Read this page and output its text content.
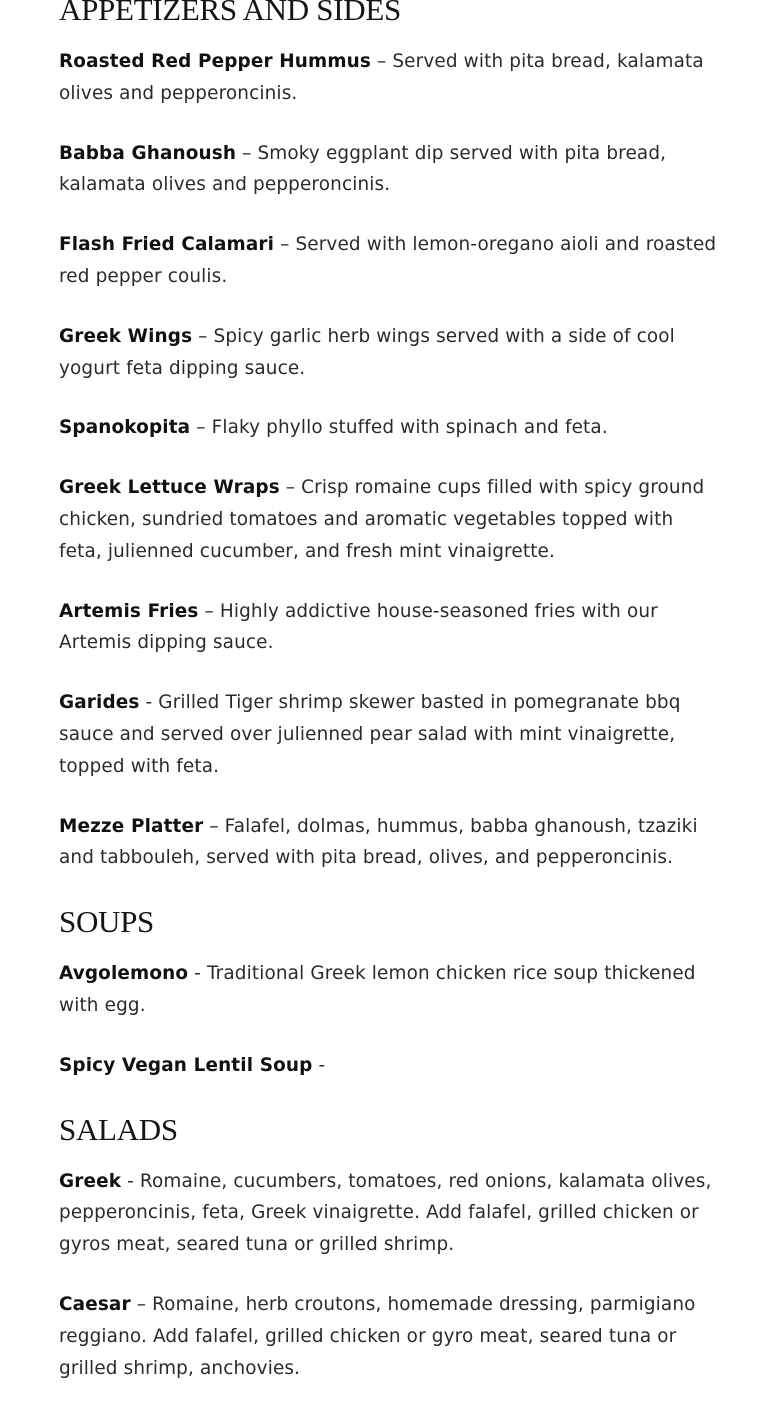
APPETIZERS AND SIDES

Roasted Red Pepper Hummus – Served with pita bread, kalamata olives and pepperoncinis.

Babba Ghanoush – Smoky eggplant dip served with pita bread, kalamata olives and pepperoncinis.

Flash Fried Calamari – Served with lemon-oregano aioli and roasted red pepper coulis.

Greek Wings – Spicy garlic herb wings served with a side of cool yogurt feta dipping sauce.

Spanokopita – Flaky phyllo stuffed with spinach and feta.

Greek Lettuce Wraps – Crisp romaine cups filled with spicy ground chicken, sundried tomatoes and aromatic vegetables topped with feta, julienned cucumber, and fresh mint vinaigrette.

Artemis Fries – Highly addictive house-seasoned fries with our Artemis dipping sauce.

Garides - Grilled Tiger shrimp skewer basted in pomegranate bbq sauce and served over julienned pear salad with mint vinaigrette, topped with feta.

Mezze Platter – Falafel, dolmas, hummus, babba ghanoush, tzaziki and tabbouleh, served with pita bread, olives, and pepperoncinis.

SOUPS

Avgolemono - Traditional Greek lemon chicken rice soup thickened with egg.

Spicy Vegan Lentil Soup -

SALADS

Greek - Romaine, cucumbers, tomatoes, red onions, kalamata olives, pepperoncinis, feta, Greek vinaigrette. Add falafel, grilled chicken or gyros meat, seared tuna or grilled shrimp.

Caesar – Romaine, herb croutons, homemade dressing, parmigiano reggiano. Add falafel, grilled chicken or gyro meat, seared tuna or grilled shrimp, anchovies.
